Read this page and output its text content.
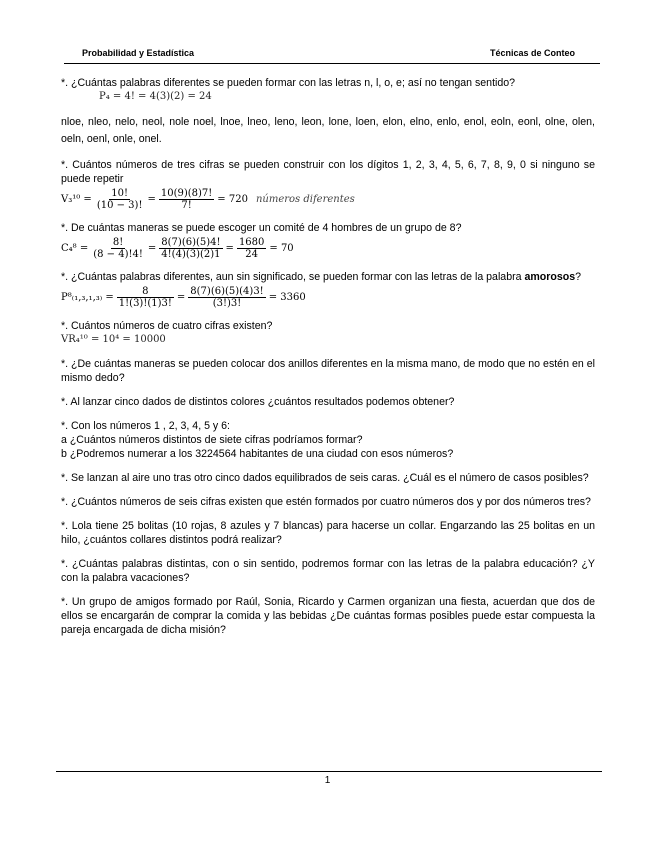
Probabilidad y Estadística	Técnicas de Conteo

*. ¿Cuántas palabras diferentes se pueden formar con las letras n, l, o, e; así no tengan sentido?

P₄ = 4! = 4(3)(2) = 24

nloe, nleo, nelo, neol, nole noel, lnoe, lneo, leno, leon, lone, loen, elon, elno, enlo, enol, eoln, eonl, olne, olen, oeln, oenl, onle, onel.

*. Cuántos números de tres cifras se pueden construir con los dígitos 1, 2, 3, 4, 5, 6, 7, 8, 9, 0 si ninguno se puede repetir

$V_3^{10} = \frac{10!}{(10 - 3)!} = \frac{10(9)(8)7!}{7!} = 720$ números diferentes

*. De cuántas maneras se puede escoger un comité de 4 hombres de un grupo de 8?

$C_4^8 = \frac{8!}{(8 - 4)!4!} = \frac{8(7)(6)(5)4!}{4!(4)(3)(2)1} = \frac{1680}{24} = 70$

*. ¿Cuántas palabras diferentes, aun sin significado, se pueden formar con las letras de la palabra amorosos?

$P^8_{(1},_3,_1,_{3)} = \frac{8}{1!(3)!(1)3!} = \frac{8(7)(6)(5)(4)3!}{(3!)3!} = 3360$

*. Cuántos números de cuatro cifras existen?

VR₄¹⁰ = 10⁴ = 10000

*. ¿De cuántas maneras se pueden colocar dos anillos diferentes en la misma mano, de modo que no estén en el mismo dedo?

*. Al lanzar cinco dados de distintos colores ¿cuántos resultados podemos obtener?

*. Con los números 1 , 2, 3, 4, 5 y 6:

a ¿Cuántos números distintos de siete cifras podríamos formar?

b ¿Podremos numerar a los 3224564 habitantes de una ciudad con esos números?

*. Se lanzan al aire uno tras otro cinco dados equilibrados de seis caras. ¿Cuál es el número de casos posibles?

*. ¿Cuántos números de seis cifras existen que estén formados por cuatro números dos y por dos números tres?

*. Lola tiene 25 bolitas (10 rojas, 8 azules y 7 blancas) para hacerse un collar. Engarzando las 25 bolitas en un hilo, ¿cuántos collares distintos podrá realizar?

*. ¿Cuántas palabras distintas, con o sin sentido, podremos formar con las letras de la palabra educación? ¿Y con la palabra vacaciones?

*. Un grupo de amigos formado por Raúl, Sonia, Ricardo y Carmen organizan una fiesta, acuerdan que dos de ellos se encargarán de comprar la comida y las bebidas ¿De cuántas formas posibles puede estar compuesta la pareja encargada de dicha misión?

1
